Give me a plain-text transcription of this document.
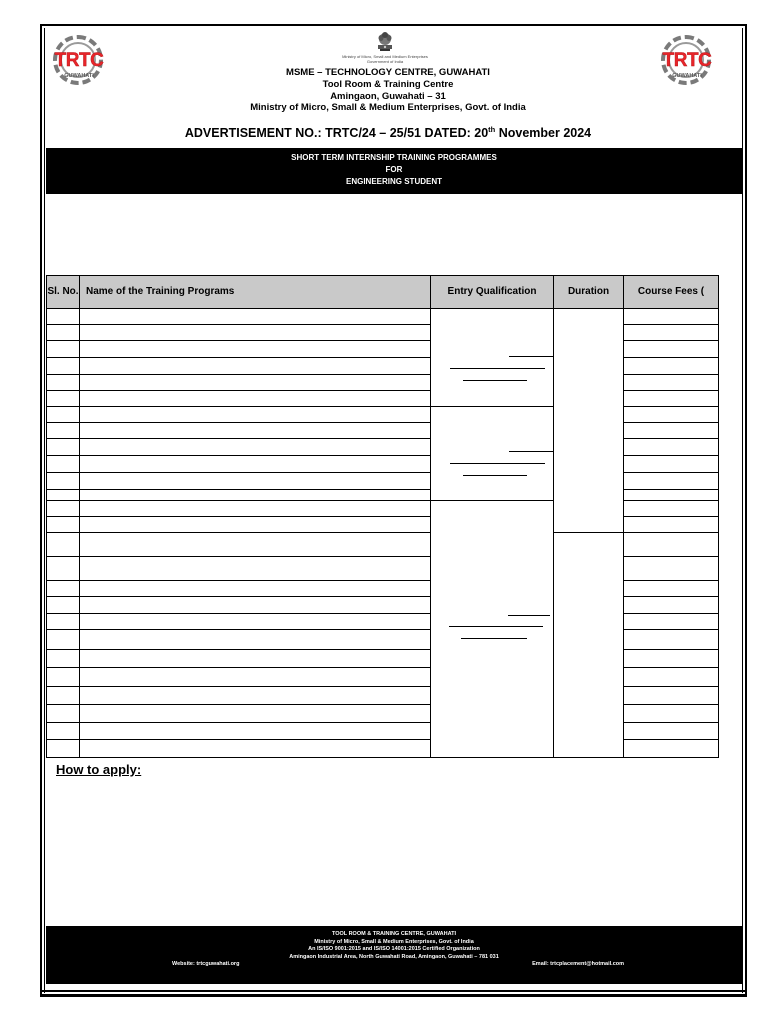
TRTC
GUWAHATI
TRTC
GUWAHATI
Ministry of Micro, Small and Medium Enterprises
Government of India
MSME – TECHNOLOGY CENTRE, GUWAHATI
Tool Room & Training Centre
Amingaon, Guwahati – 31
Ministry of Micro, Small & Medium Enterprises, Govt. of India
ADVERTISEMENT NO.: TRTC/24 – 25/51 DATED: 20th November 2024
SHORT TERM INTERNSHIP TRAINING PROGRAMMES
FOR
ENGINEERING STUDENT
Sl. No.	Name of the Training Programs	Entry Qualification	Duration	Course Fees (

How to apply:
TOOL ROOM & TRAINING CENTRE, GUWAHATI
Ministry of Micro, Small & Medium Enterprises, Govt. of India
An IS/ISO 9001:2015 and IS/ISO 14001:2015 Certified Organization
Amingaon Industrial Area, North Guwahati Road, Amingaon, Guwahati – 781 031
Website: trtcguwahati.org	Email: trtcplacement@hotmail.com
